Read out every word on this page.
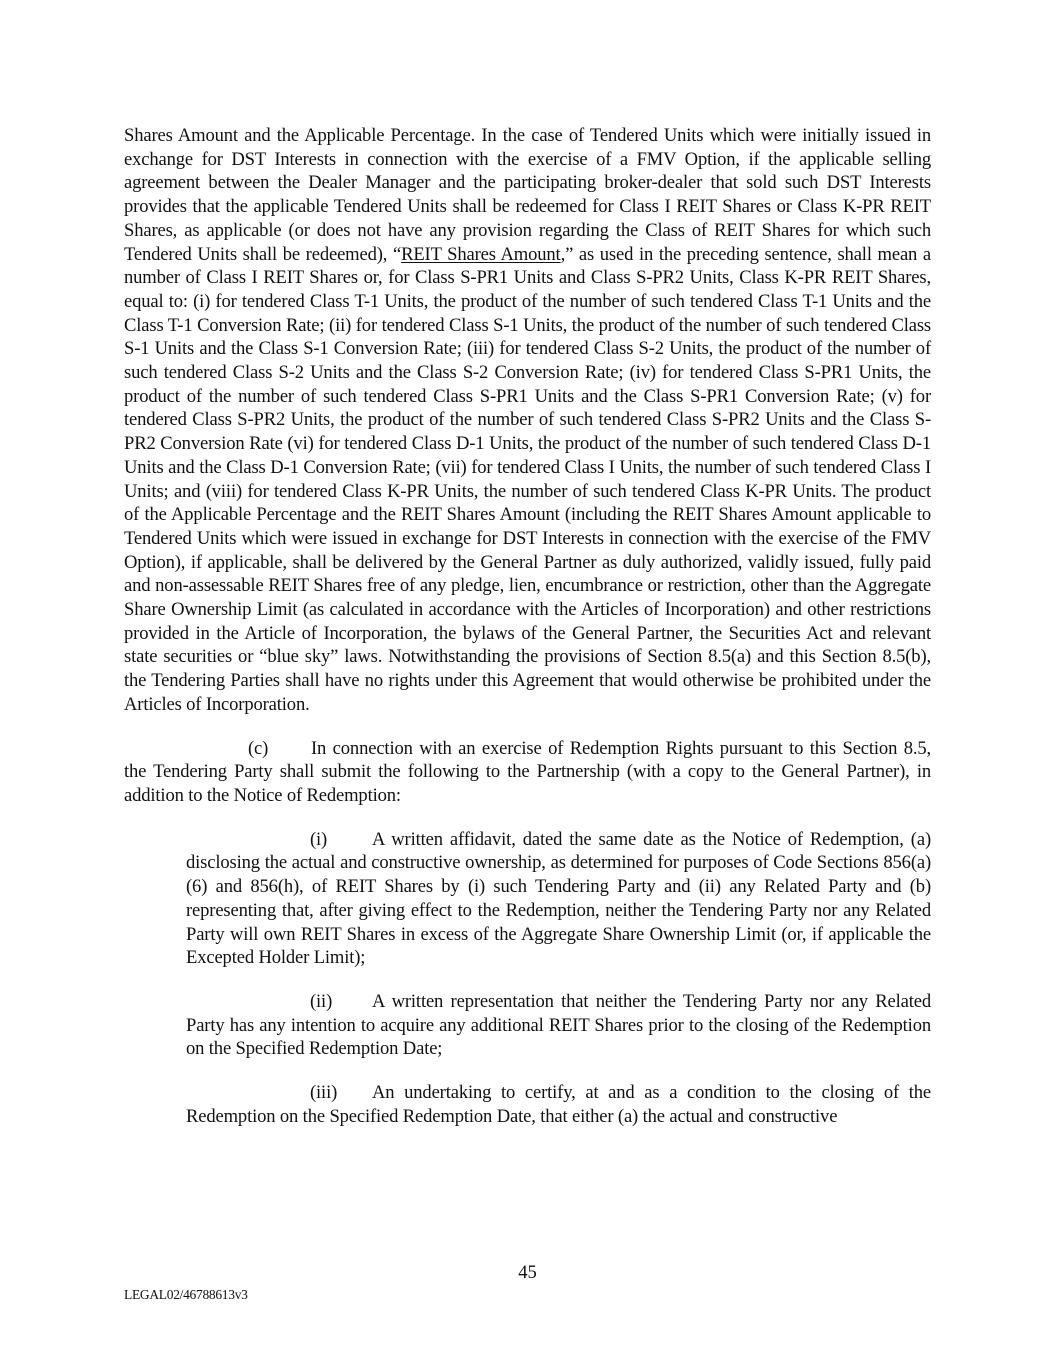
Shares Amount and the Applicable Percentage. In the case of Tendered Units which were initially issued in exchange for DST Interests in connection with the exercise of a FMV Option, if the applicable selling agreement between the Dealer Manager and the participating broker-dealer that sold such DST Interests provides that the applicable Tendered Units shall be redeemed for Class I REIT Shares or Class K-PR REIT Shares, as applicable (or does not have any provision regarding the Class of REIT Shares for which such Tendered Units shall be redeemed), “REIT Shares Amount,” as used in the preceding sentence, shall mean a number of Class I REIT Shares or, for Class S-PR1 Units and Class S-PR2 Units, Class K-PR REIT Shares, equal to: (i) for tendered Class T-1 Units, the product of the number of such tendered Class T-1 Units and the Class T-1 Conversion Rate; (ii) for tendered Class S-1 Units, the product of the number of such tendered Class S-1 Units and the Class S-1 Conversion Rate; (iii) for tendered Class S-2 Units, the product of the number of such tendered Class S-2 Units and the Class S-2 Conversion Rate; (iv) for tendered Class S-PR1 Units, the product of the number of such tendered Class S-PR1 Units and the Class S-PR1 Conversion Rate; (v) for tendered Class S-PR2 Units, the product of the number of such tendered Class S-PR2 Units and the Class S-PR2 Conversion Rate (vi) for tendered Class D-1 Units, the product of the number of such tendered Class D-1 Units and the Class D-1 Conversion Rate; (vii) for tendered Class I Units, the number of such tendered Class I Units; and (viii) for tendered Class K-PR Units, the number of such tendered Class K-PR Units. The product of the Applicable Percentage and the REIT Shares Amount (including the REIT Shares Amount applicable to Tendered Units which were issued in exchange for DST Interests in connection with the exercise of the FMV Option), if applicable, shall be delivered by the General Partner as duly authorized, validly issued, fully paid and non-assessable REIT Shares free of any pledge, lien, encumbrance or restriction, other than the Aggregate Share Ownership Limit (as calculated in accordance with the Articles of Incorporation) and other restrictions provided in the Article of Incorporation, the bylaws of the General Partner, the Securities Act and relevant state securities or “blue sky” laws. Notwithstanding the provisions of Section 8.5(a) and this Section 8.5(b), the Tendering Parties shall have no rights under this Agreement that would otherwise be prohibited under the Articles of Incorporation.

(c) In connection with an exercise of Redemption Rights pursuant to this Section 8.5, the Tendering Party shall submit the following to the Partnership (with a copy to the General Partner), in addition to the Notice of Redemption:

(i) A written affidavit, dated the same date as the Notice of Redemption, (a) disclosing the actual and constructive ownership, as determined for purposes of Code Sections 856(a)(6) and 856(h), of REIT Shares by (i) such Tendering Party and (ii) any Related Party and (b) representing that, after giving effect to the Redemption, neither the Tendering Party nor any Related Party will own REIT Shares in excess of the Aggregate Share Ownership Limit (or, if applicable the Excepted Holder Limit);

(ii) A written representation that neither the Tendering Party nor any Related Party has any intention to acquire any additional REIT Shares prior to the closing of the Redemption on the Specified Redemption Date;

(iii) An undertaking to certify, at and as a condition to the closing of the Redemption on the Specified Redemption Date, that either (a) the actual and constructive

45
LEGAL02/46788613v3
